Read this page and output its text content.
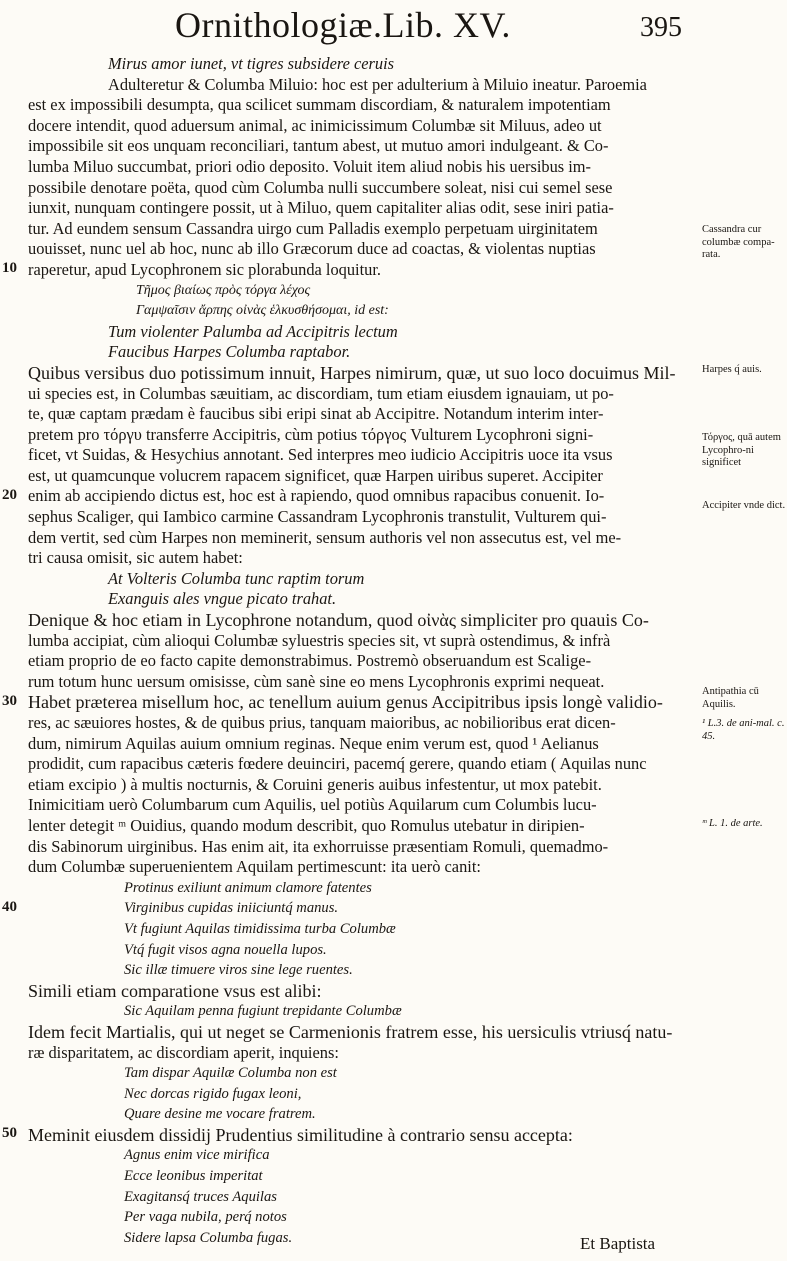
Ornithologiæ.Lib. XV.	395
Mirus amor iunet, vt tigres subsidere ceruis
Adulteretur & Columba Miluio: hoc est per adulterium à Miluio ineatur. Paroemia
est ex impossibili desumpta, qua scilicet summam discordiam, & naturalem impotentiam
docere intendit, quod aduersum animal, ac inimicissimum Columbæ sit Miluus, adeo ut
impossibile sit eos unquam reconciliari, tantum abest, ut mutuo amori indulgeant. & Co-
lumba Miluo succumbat, priori odio deposito. Voluit item aliud nobis his uersibus im-
possibile denotare poëta, quod cùm Columba nulli succumbere soleat, nisi cui semel sese
iunxit, nunquam contingere possit, ut à Miluo, quem capitaliter alias odit, sese iniri patia-
tur. Ad eundem sensum Cassandra uirgo cum Palladis exemplo perpetuam uirginitatem
uouisset, nunc uel ab hoc, nunc ab illo Græcorum duce ad coactas, & violentas nuptias
raperetur, apud Lycophronem sic plorabunda loquitur.
Τῆμος βιαίως πρὸς τόργα λέχος
Γαμψαῖσιν ἄρπης οἰνὰς ἑλκυσθήσομαι, id est:
Tum violenter Palumba ad Accipitris lectum
Faucibus Harpes Columba raptabor.
Quibus versibus duo potissimum innuit, Harpes nimirum, quæ, ut suo loco docuimus Mil-
ui species est, in Columbas sæuitiam, ac discordiam, tum etiam eiusdem ignauiam, ut po-
te, quæ captam prædam è faucibus sibi eripi sinat ab Accipitre. Notandum interim inter-
pretem pro τόργυ transferre Accipitris, cùm potius τόργος Vulturem Lycophroni signi-
ficet, vt Suidas, & Hesychius annotant. Sed interpres meo iudicio Accipitris uoce ita vsus
est, ut quamcunque volucrem rapacem significet, quæ Harpen uiribus superet. Accipiter
enim ab accipiendo dictus est, hoc est à rapiendo, quod omnibus rapacibus conuenit. Io-
sephus Scaliger, qui Iambico carmine Cassandram Lycophronis transtulit, Vulturem qui-
dem vertit, sed cùm Harpes non meminerit, sensum authoris vel non assecutus est, vel me-
tri causa omisit, sic autem habet:
At Volteris Columba tunc raptim torum
Exanguis ales vngue picato trahat.
Denique & hoc etiam in Lycophrone notandum, quod οἰνὰς simpliciter pro quauis Co-
lumba accipiat, cùm alioqui Columbæ syluestris species sit, vt suprà ostendimus, & infrà
etiam proprio de eo facto capite demonstrabimus. Postremò obseruandum est Scalige-
rum totum hunc uersum omisisse, cùm sanè sine eo mens Lycophronis exprimi nequeat.
Habet præterea misellum hoc, ac tenellum auium genus Accipitribus ipsis longè validio-
res, ac sæuiores hostes, & de quibus prius, tanquam maioribus, ac nobilioribus erat dicen-
dum, nimirum Aquilas auium omnium reginas. Neque enim verum est, quod ¹ Aelianus
prodidit, cum rapacibus cæteris fœdere deuinciri, pacemq́ gerere, quando etiam ( Aquilas nunc
etiam excipio ) à multis nocturnis, & Coruini generis auibus infestentur, ut mox patebit.
Inimicitiam uerò Columbarum cum Aquilis, uel potiùs Aquilarum cum Columbis lucu-
lenter detegit ᵐ Ouidius, quando modum describit, quo Romulus utebatur in diripien-
dis Sabinorum uirginibus. Has enim ait, ita exhorruisse præsentiam Romuli, quemadmo-
dum Columbæ superuenientem Aquilam pertimescunt: ita uerò canit:
Protinus exiliunt animum clamore fatentes
Virginibus cupidas iniiciuntq́ manus.
Vt fugiunt Aquilas timidissima turba Columbæ
Vtq́ fugit visos agna nouella lupos.
Sic illæ timuere viros sine lege ruentes.
Simili etiam comparatione vsus est alibi:
Sic Aquilam penna fugiunt trepidante Columbæ
Idem fecit Martialis, qui ut neget se Carmenionis fratrem esse, his uersiculis vtriusq́ natu-
ræ disparitatem, ac discordiam aperit, inquiens:
Tam dispar Aquilæ Columba non est
Nec dorcas rigido fugax leoni,
Quare desine me vocare fratrem.
Meminit eiusdem dissidij Prudentius similitudine à contrario sensu accepta:
Agnus enim vice mirifica
Ecce leonibus imperitat
Exagitansq́ truces Aquilas
Per vaga nubila, perq́ notos
Sidere lapsa Columba fugas.
10
20
30
40
50
Cassandra cur columbæ compa-rata.
Harpes q́ auis.
Τόργος, quā autem Lycophro-ni significet
Accipiter vnde dict.
Antipathia cū Aquilis.
¹ L.3. de ani-mal. c. 45.
ᵐ L. 1. de arte.
Et Baptista
